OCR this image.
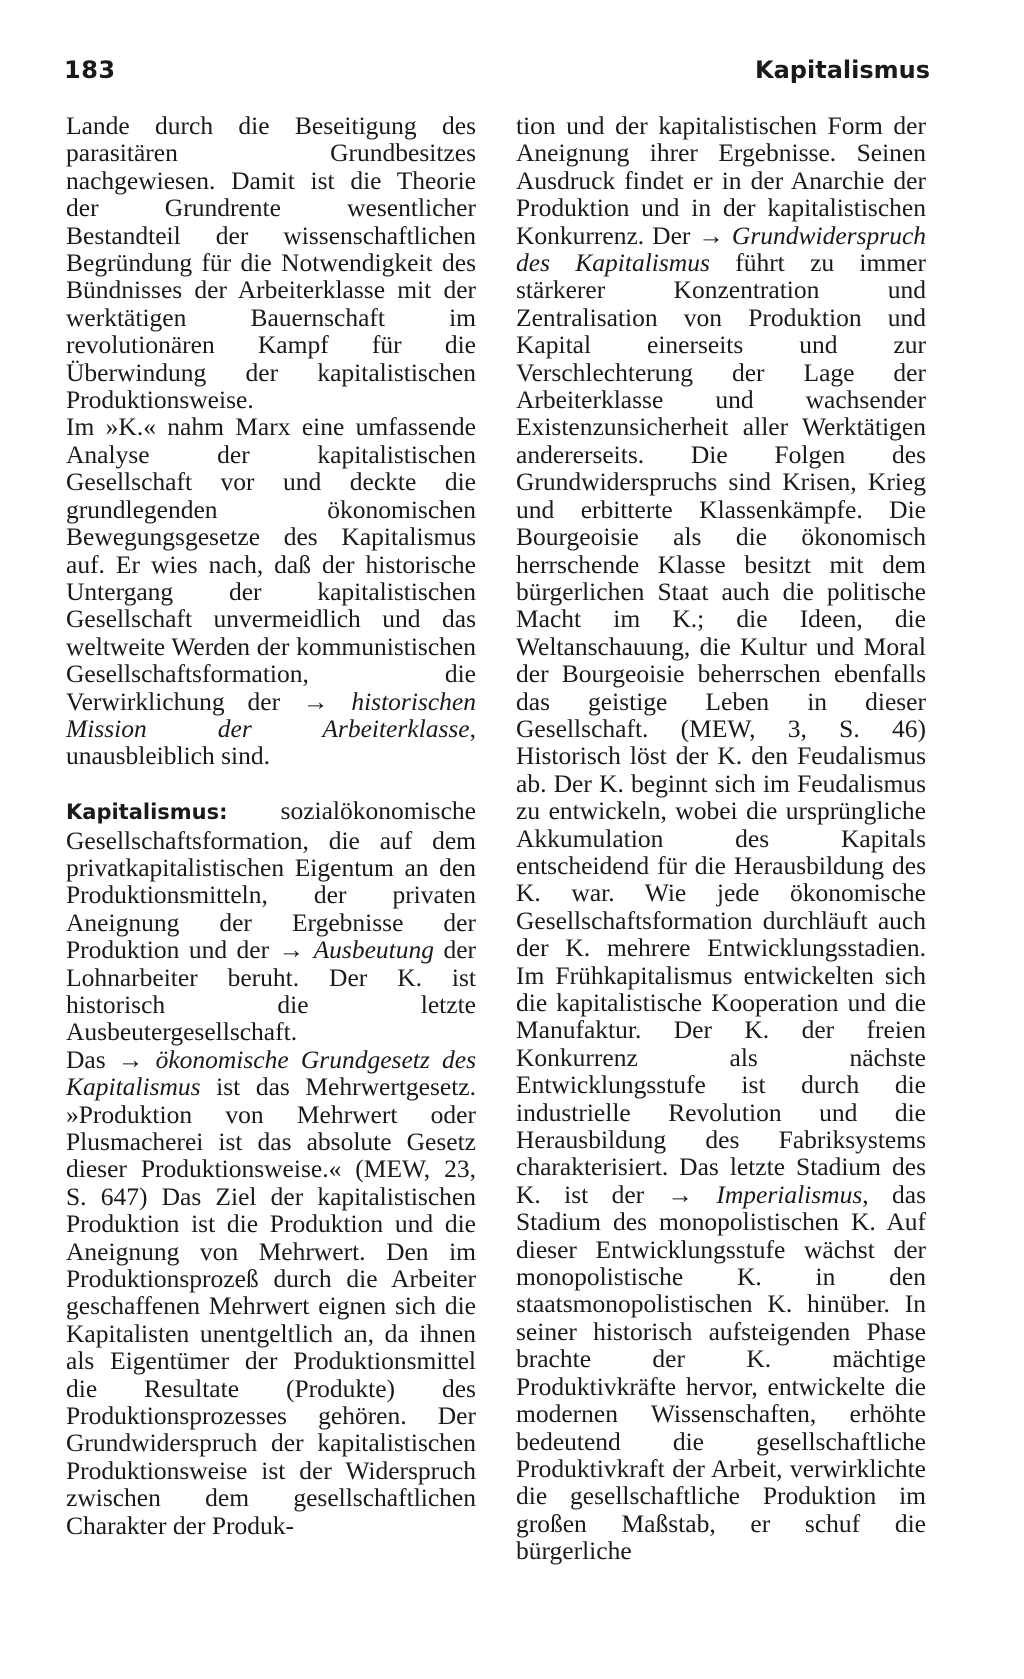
183	Kapitalismus

Lande durch die Beseitigung des parasitären Grundbesitzes nachgewiesen. Damit ist die Theorie der Grundrente wesentlicher Bestandteil der wissenschaftlichen Begründung für die Notwendigkeit des Bündnisses der Arbeiterklasse mit der werktätigen Bauernschaft im revolutionären Kampf für die Überwindung der kapitalistischen Produktionsweise.

Im »K.« nahm Marx eine umfassende Analyse der kapitalistischen Gesellschaft vor und deckte die grundlegenden ökonomischen Bewegungsgesetze des Kapitalismus auf. Er wies nach, daß der historische Untergang der kapitalistischen Gesellschaft unvermeidlich und das weltweite Werden der kommunistischen Gesellschaftsformation, die Verwirklichung der → historischen Mission der Arbeiterklasse, unausbleiblich sind.

Kapitalismus: sozialökonomische Gesellschaftsformation, die auf dem privatkapitalistischen Eigentum an den Produktionsmitteln, der privaten Aneignung der Ergebnisse der Produktion und der → Ausbeutung der Lohnarbeiter beruht. Der K. ist historisch die letzte Ausbeutergesellschaft.

Das → ökonomische Grundgesetz des Kapitalismus ist das Mehrwertgesetz. »Produktion von Mehrwert oder Plusmacherei ist das absolute Gesetz dieser Produktionsweise.« (MEW, 23, S. 647) Das Ziel der kapitalistischen Produktion ist die Produktion und die Aneignung von Mehrwert. Den im Produktionsprozeß durch die Arbeiter geschaffenen Mehrwert eignen sich die Kapitalisten unentgeltlich an, da ihnen als Eigentümer der Produktionsmittel die Resultate (Produkte) des Produktionsprozesses gehören. Der Grundwiderspruch der kapitalistischen Produktionsweise ist der Widerspruch zwischen dem gesellschaftlichen Charakter der Produk-

tion und der kapitalistischen Form der Aneignung ihrer Ergebnisse. Seinen Ausdruck findet er in der Anarchie der Produktion und in der kapitalistischen Konkurrenz. Der → Grundwiderspruch des Kapitalismus führt zu immer stärkerer Konzentration und Zentralisation von Produktion und Kapital einerseits und zur Verschlechterung der Lage der Arbeiterklasse und wachsender Existenzunsicherheit aller Werktätigen andererseits. Die Folgen des Grundwiderspruchs sind Krisen, Krieg und erbitterte Klassenkämpfe. Die Bourgeoisie als die ökonomisch herrschende Klasse besitzt mit dem bürgerlichen Staat auch die politische Macht im K.; die Ideen, die Weltanschauung, die Kultur und Moral der Bourgeoisie beherrschen ebenfalls das geistige Leben in dieser Gesellschaft. (MEW, 3, S. 46) Historisch löst der K. den Feudalismus ab. Der K. beginnt sich im Feudalismus zu entwickeln, wobei die ursprüngliche Akkumulation des Kapitals entscheidend für die Herausbildung des K. war. Wie jede ökonomische Gesellschaftsformation durchläuft auch der K. mehrere Entwicklungsstadien. Im Frühkapitalismus entwickelten sich die kapitalistische Kooperation und die Manufaktur. Der K. der freien Konkurrenz als nächste Entwicklungsstufe ist durch die industrielle Revolution und die Herausbildung des Fabriksystems charakterisiert. Das letzte Stadium des K. ist der → Imperialismus, das Stadium des monopolistischen K. Auf dieser Entwicklungsstufe wächst der monopolistische K. in den staatsmonopolistischen K. hinüber. In seiner historisch aufsteigenden Phase brachte der K. mächtige Produktivkräfte hervor, entwickelte die modernen Wissenschaften, erhöhte bedeutend die gesellschaftliche Produktivkraft der Arbeit, verwirklichte die gesellschaftliche Produktion im großen Maßstab, er schuf die bürgerliche
